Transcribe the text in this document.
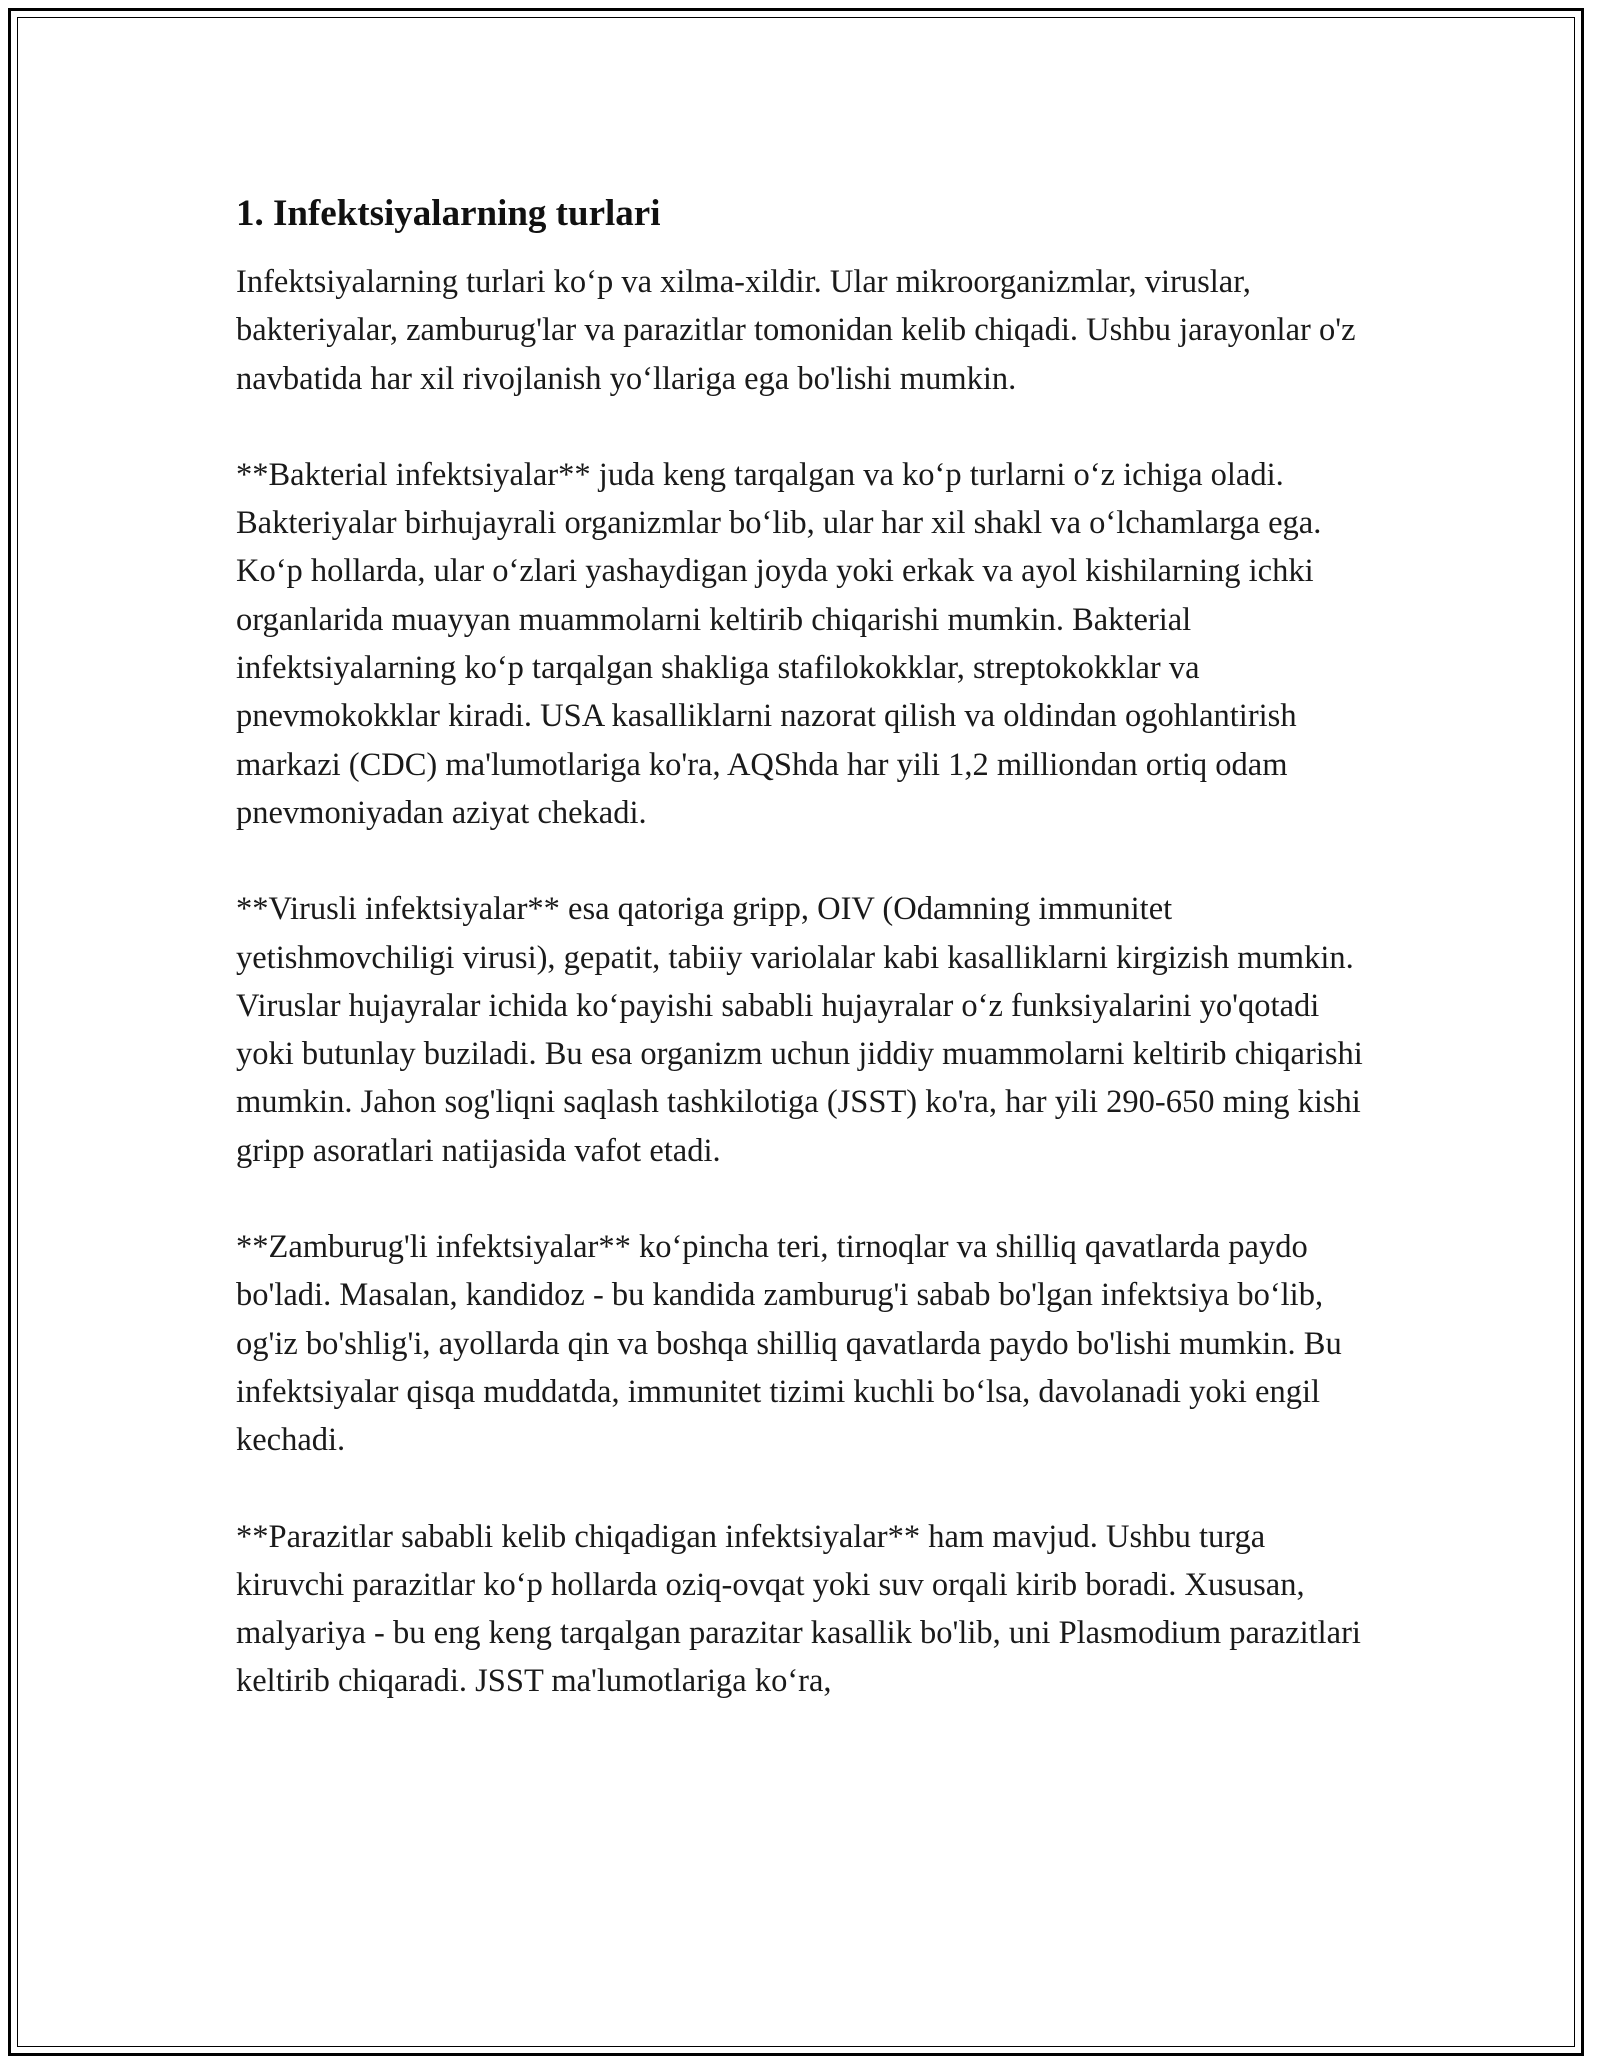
1. Infektsiyalarning turlari

Infektsiyalarning turlari ko‘p va xilma-xildir. Ular mikroorganizmlar, viruslar, bakteriyalar, zamburug'lar va parazitlar tomonidan kelib chiqadi. Ushbu jarayonlar o'z navbatida har xil rivojlanish yo‘llariga ega bo'lishi mumkin.

**Bakterial infektsiyalar** juda keng tarqalgan va ko‘p turlarni o‘z ichiga oladi. Bakteriyalar birhujayrali organizmlar bo‘lib, ular har xil shakl va o‘lchamlarga ega. Ko‘p hollarda, ular o‘zlari yashaydigan joyda yoki erkak va ayol kishilarning ichki organlarida muayyan muammolarni keltirib chiqarishi mumkin. Bakterial infektsiyalarning ko‘p tarqalgan shakliga stafilokokklar, streptokokklar va pnevmokokklar kiradi. USA kasalliklarni nazorat qilish va oldindan ogohlantirish markazi (CDC) ma'lumotlariga ko'ra, AQShda har yili 1,2 milliondan ortiq odam pnevmoniyadan aziyat chekadi.

**Virusli infektsiyalar** esa qatoriga gripp, OIV (Odamning immunitet yetishmovchiligi virusi), gepatit, tabiiy variolalar kabi kasalliklarni kirgizish mumkin. Viruslar hujayralar ichida ko‘payishi sababli hujayralar o‘z funksiyalarini yo'qotadi yoki butunlay buziladi. Bu esa organizm uchun jiddiy muammolarni keltirib chiqarishi mumkin. Jahon sog'liqni saqlash tashkilotiga (JSST) ko'ra, har yili 290-650 ming kishi gripp asoratlari natijasida vafot etadi.

**Zamburug'li infektsiyalar** ko‘pincha teri, tirnoqlar va shilliq qavatlarda paydo bo'ladi. Masalan, kandidoz - bu kandida zamburug'i sabab bo'lgan infektsiya bo‘lib, og'iz bo'shlig'i, ayollarda qin va boshqa shilliq qavatlarda paydo bo'lishi mumkin. Bu infektsiyalar qisqa muddatda, immunitet tizimi kuchli bo‘lsa, davolanadi yoki engil kechadi.

**Parazitlar sababli kelib chiqadigan infektsiyalar** ham mavjud. Ushbu turga kiruvchi parazitlar ko‘p hollarda oziq-ovqat yoki suv orqali kirib boradi. Xususan, malyariya - bu eng keng tarqalgan parazitar kasallik bo'lib, uni Plasmodium parazitlari keltirib chiqaradi. JSST ma'lumotlariga ko‘ra,
